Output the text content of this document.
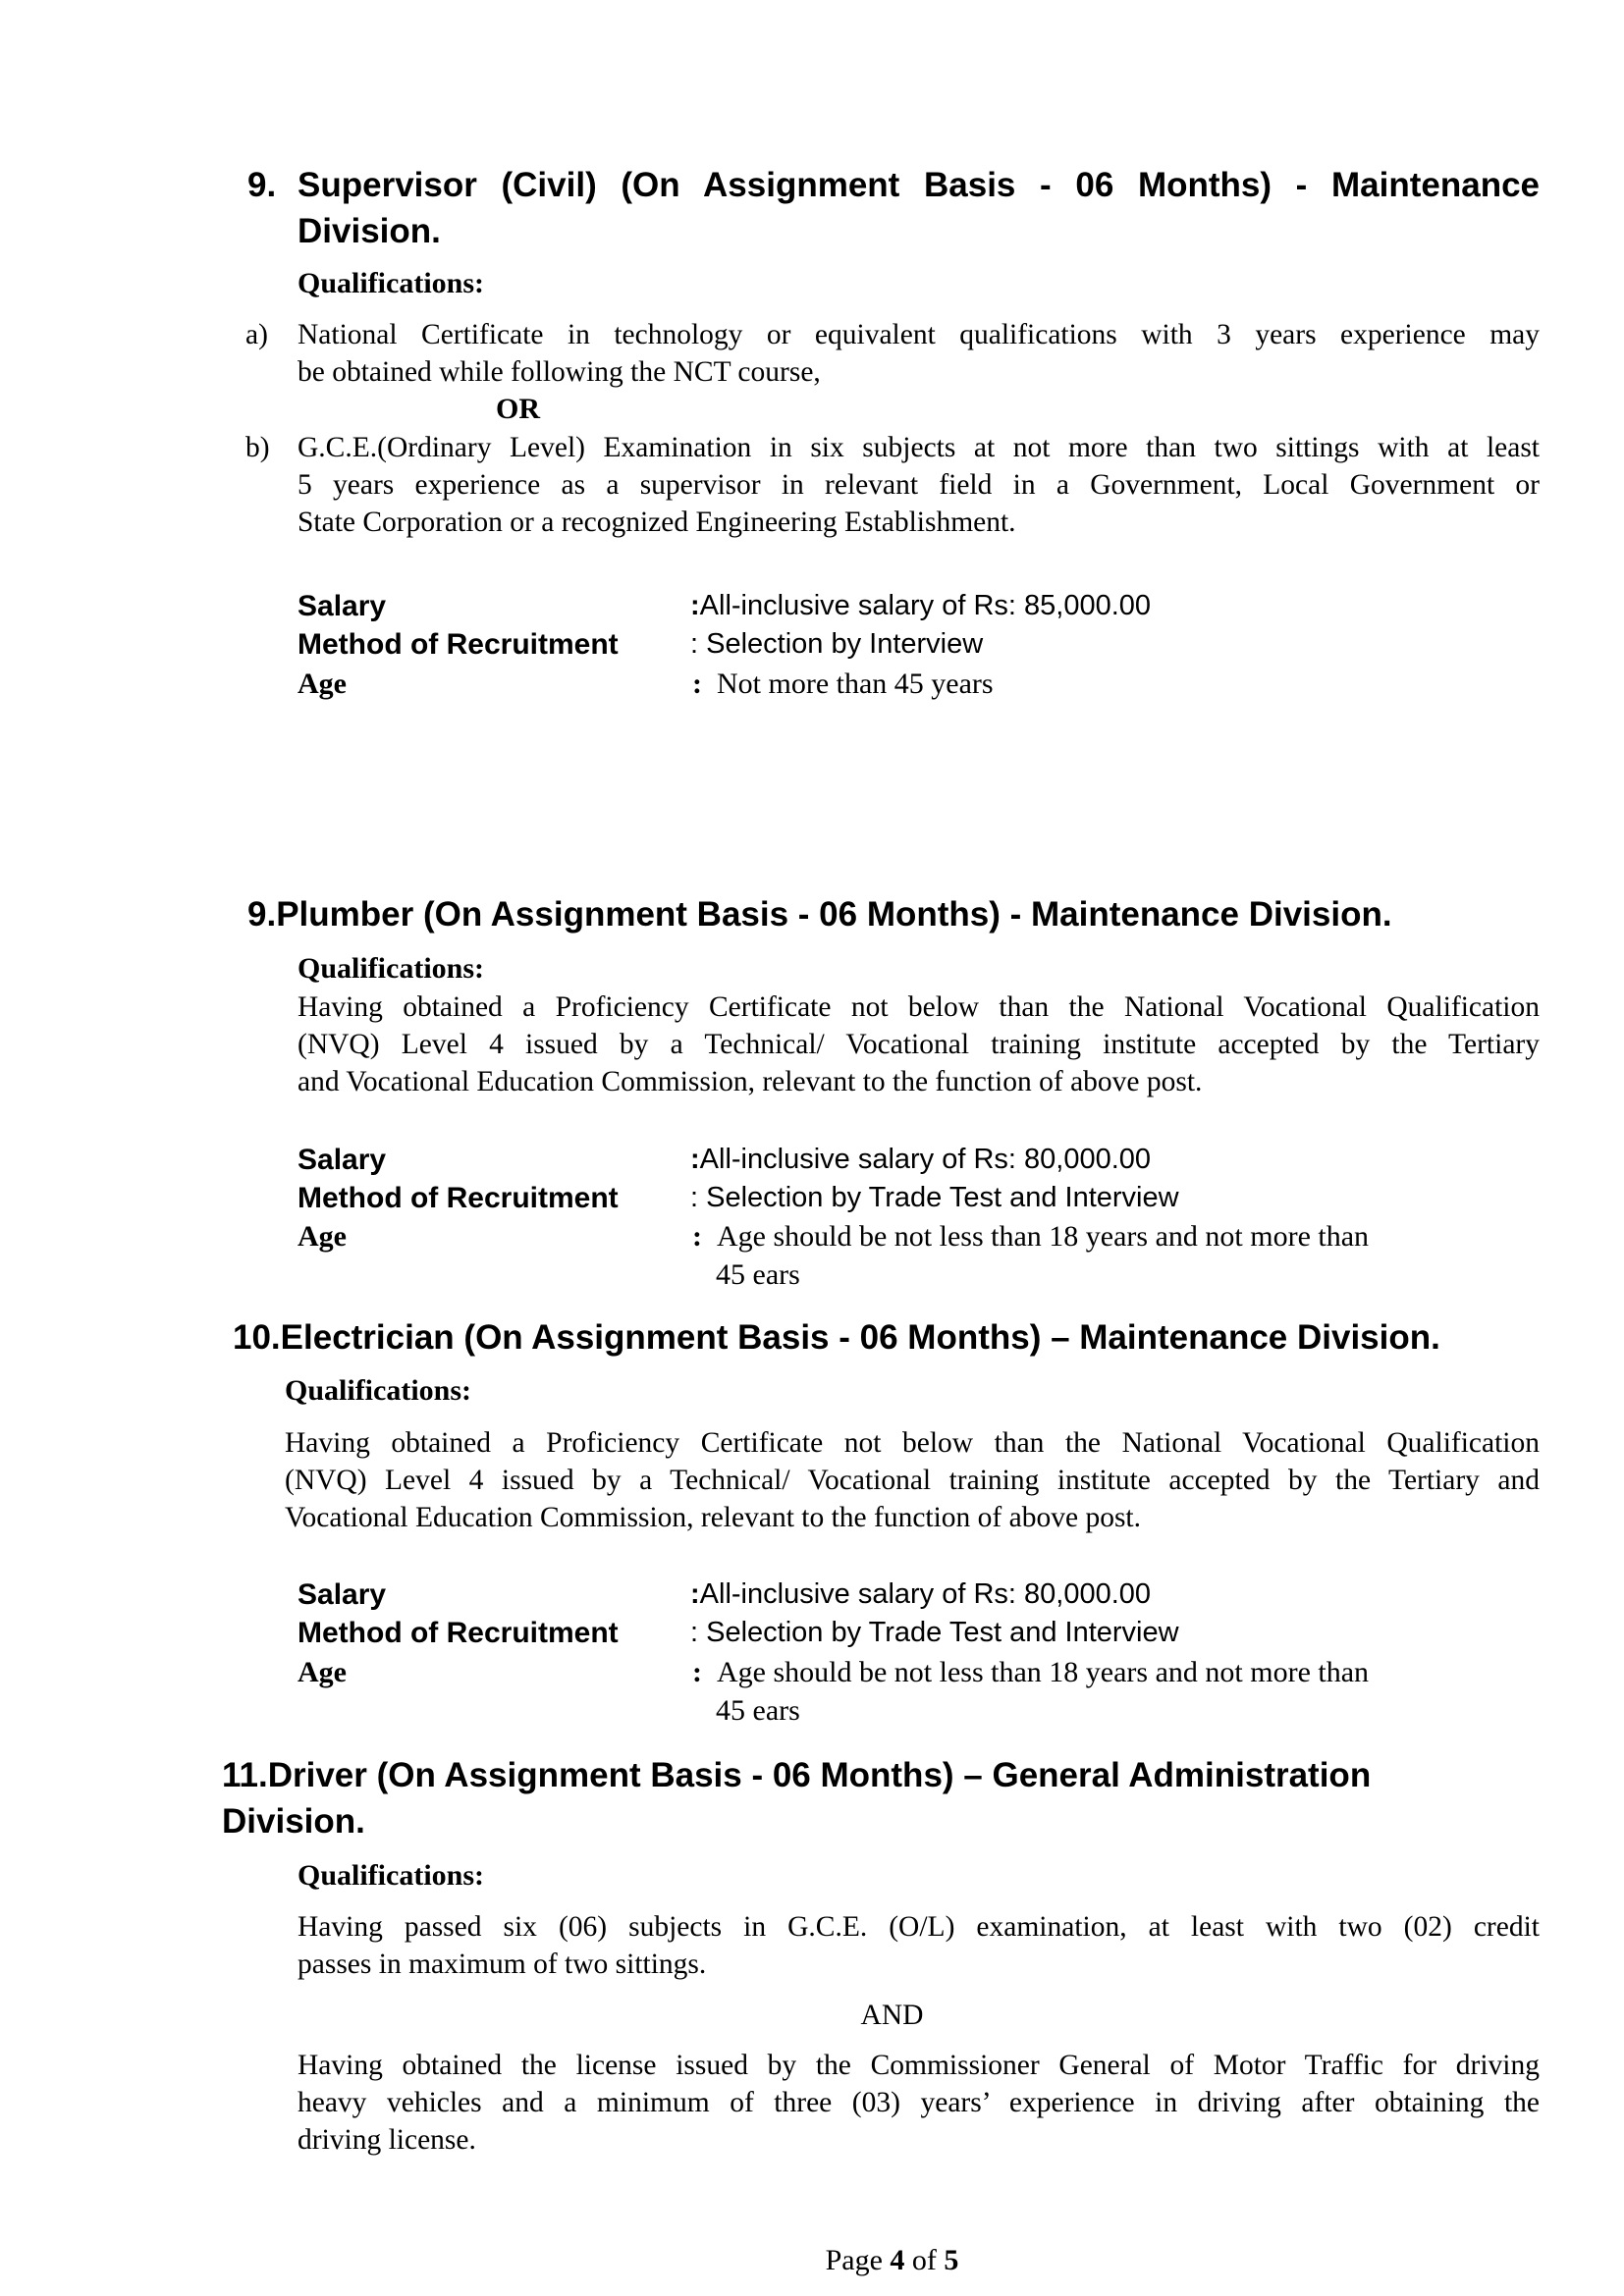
9. Supervisor (Civil) (On Assignment Basis - 06 Months) - Maintenance
Division.
Qualifications:
a) National Certificate in technology or equivalent qualifications with 3 years experience may
be obtained while following the NCT course,
OR
b) G.C.E.(Ordinary Level) Examination in six subjects at not more than two sittings with at least
5 years experience as a supervisor in relevant field in a Government, Local Government or
State Corporation or a recognized Engineering Establishment.
Salary	:All-inclusive salary of Rs: 85,000.00
Method of Recruitment	: Selection by Interview
Age	: Not more than 45 years
9.Plumber (On Assignment Basis - 06 Months) - Maintenance Division.
Qualifications:
Having obtained a Proficiency Certificate not below than the National Vocational Qualification
(NVQ) Level 4 issued by a Technical/ Vocational training institute accepted by the Tertiary
and Vocational Education Commission, relevant to the function of above post.
Salary	:All-inclusive salary of Rs: 80,000.00
Method of Recruitment	: Selection by Trade Test and Interview
Age	: Age should be not less than 18 years and not more than
45 ears
10.Electrician (On Assignment Basis - 06 Months) – Maintenance Division.
Qualifications:
Having obtained a Proficiency Certificate not below than the National Vocational Qualification
(NVQ) Level 4 issued by a Technical/ Vocational training institute accepted by the Tertiary and
Vocational Education Commission, relevant to the function of above post.
Salary	:All-inclusive salary of Rs: 80,000.00
Method of Recruitment	: Selection by Trade Test and Interview
Age	: Age should be not less than 18 years and not more than
45 ears
11.Driver (On Assignment Basis - 06 Months) – General Administration
Division.
Qualifications:
Having passed six (06) subjects in G.C.E. (O/L) examination, at least with two (02) credit
passes in maximum of two sittings.
AND
Having obtained the license issued by the Commissioner General of Motor Traffic for driving
heavy vehicles and a minimum of three (03) years’ experience in driving after obtaining the
driving license.
Page 4 of 5
